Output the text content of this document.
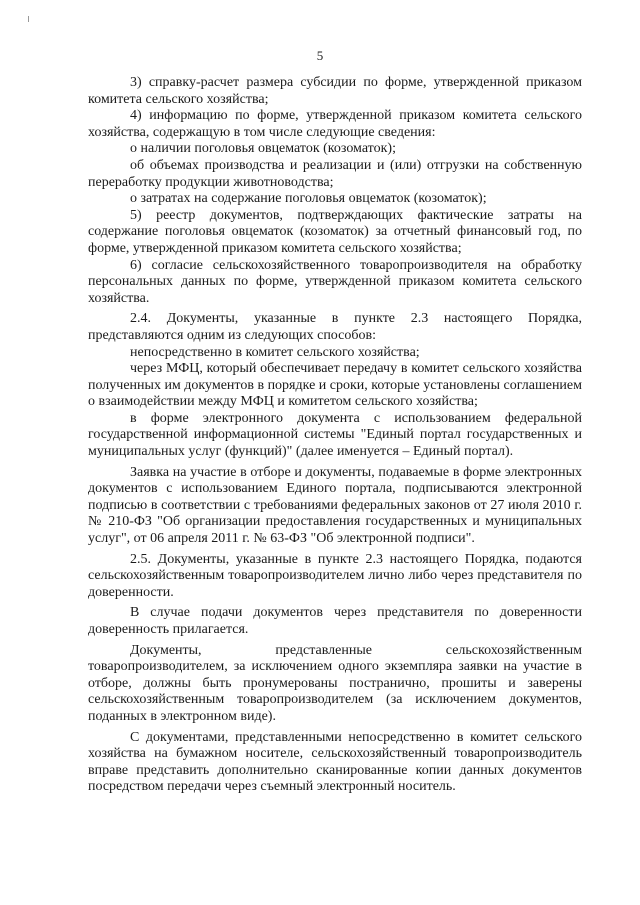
5

3) справку-расчет размера субсидии по форме, утвержденной приказом комитета сельского хозяйства;

4) информацию по форме, утвержденной приказом комитета сельского хозяйства, содержащую в том числе следующие сведения:

о наличии поголовья овцематок (козоматок);

об объемах производства и реализации и (или) отгрузки на собственную переработку продукции животноводства;

о затратах на содержание поголовья овцематок (козоматок);

5) реестр документов, подтверждающих фактические затраты на содержание поголовья овцематок (козоматок) за отчетный финансовый год, по форме, утвержденной приказом комитета сельского хозяйства;

6) согласие сельскохозяйственного товаропроизводителя на обработку персональных данных по форме, утвержденной приказом комитета сельского хозяйства.

2.4. Документы, указанные в пункте 2.3 настоящего Порядка, представляются одним из следующих способов:

непосредственно в комитет сельского хозяйства;

через МФЦ, который обеспечивает передачу в комитет сельского хозяйства полученных им документов в порядке и сроки, которые установлены соглашением о взаимодействии между МФЦ и комитетом сельского хозяйства;

в форме электронного документа с использованием федеральной государственной информационной системы "Единый портал государственных и муниципальных услуг (функций)" (далее именуется – Единый портал).

Заявка на участие в отборе и документы, подаваемые в форме электронных документов с использованием Единого портала, подписываются электронной подписью в соответствии с требованиями федеральных законов от 27 июля 2010 г. № 210-ФЗ "Об организации предоставления государственных и муниципальных услуг", от 06 апреля 2011 г. № 63-ФЗ "Об электронной подписи".

2.5. Документы, указанные в пункте 2.3 настоящего Порядка, подаются сельскохозяйственным товаропроизводителем лично либо через представителя по доверенности.

В случае подачи документов через представителя по доверенности доверенность прилагается.

Документы, представленные сельскохозяйственным товаропроизводителем, за исключением одного экземпляра заявки на участие в отборе, должны быть пронумерованы постранично, прошиты и заверены сельскохозяйственным товаропроизводителем (за исключением документов, поданных в электронном виде).

С документами, представленными непосредственно в комитет сельского хозяйства на бумажном носителе, сельскохозяйственный товаропроизводитель вправе представить дополнительно сканированные копии данных документов посредством передачи через съемный электронный носитель.
